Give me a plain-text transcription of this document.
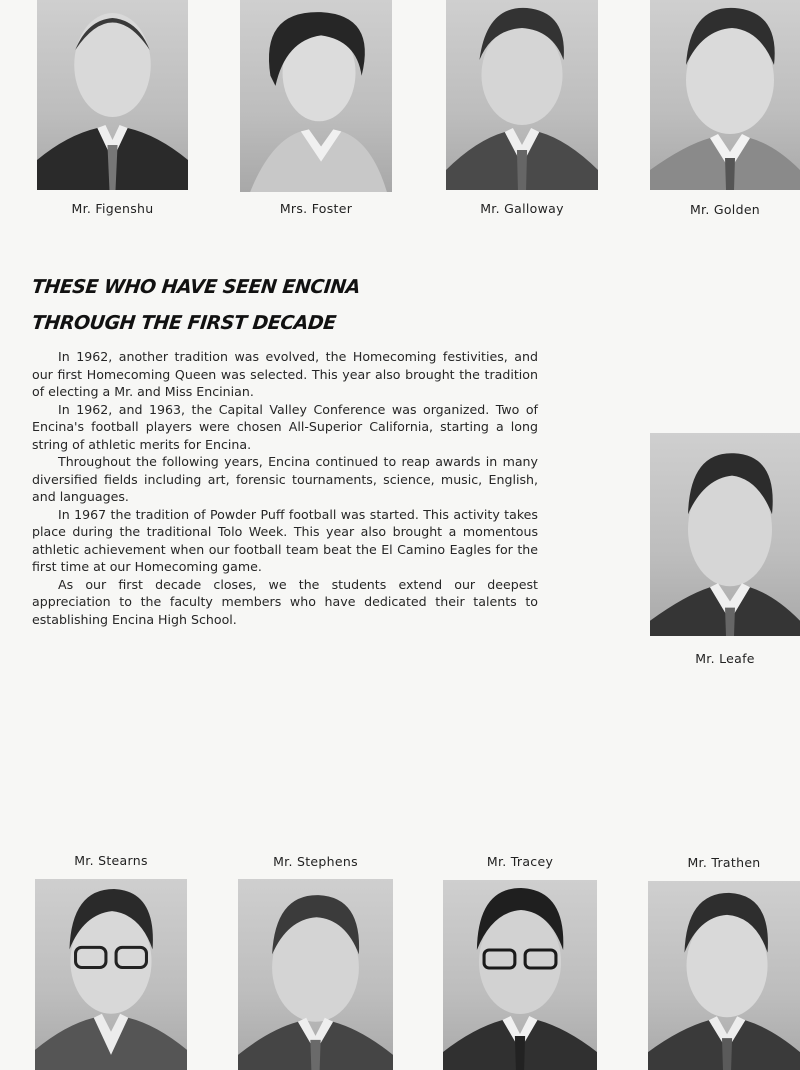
Mr. Figenshu	Mrs. Foster	Mr. Galloway	Mr. Golden
THESE WHO HAVE SEEN ENCINA
THROUGH THE FIRST DECADE

In 1962, another tradition was evolved, the Homecoming festivities, and our first Homecoming Queen was selected. This year also brought the tradition of electing a Mr. and Miss Encinian.

In 1962, and 1963, the Capital Valley Conference was organized. Two of Encina's football players were chosen All-Superior California, starting a long string of athletic merits for Encina.

Throughout the following years, Encina continued to reap awards in many diversified fields including art, forensic tournaments, science, music, English, and languages.

In 1967 the tradition of Powder Puff football was started. This activity takes place during the traditional Tolo Week. This year also brought a momentous athletic achievement when our football team beat the El Camino Eagles for the first time at our Homecoming game.

As our first decade closes, we the students extend our deepest appreciation to the faculty members who have dedicated their talents to establishing Encina High School.

Mr. Leafe
Mr. Stearns	Mr. Stephens	Mr. Tracey	Mr. Trathen
